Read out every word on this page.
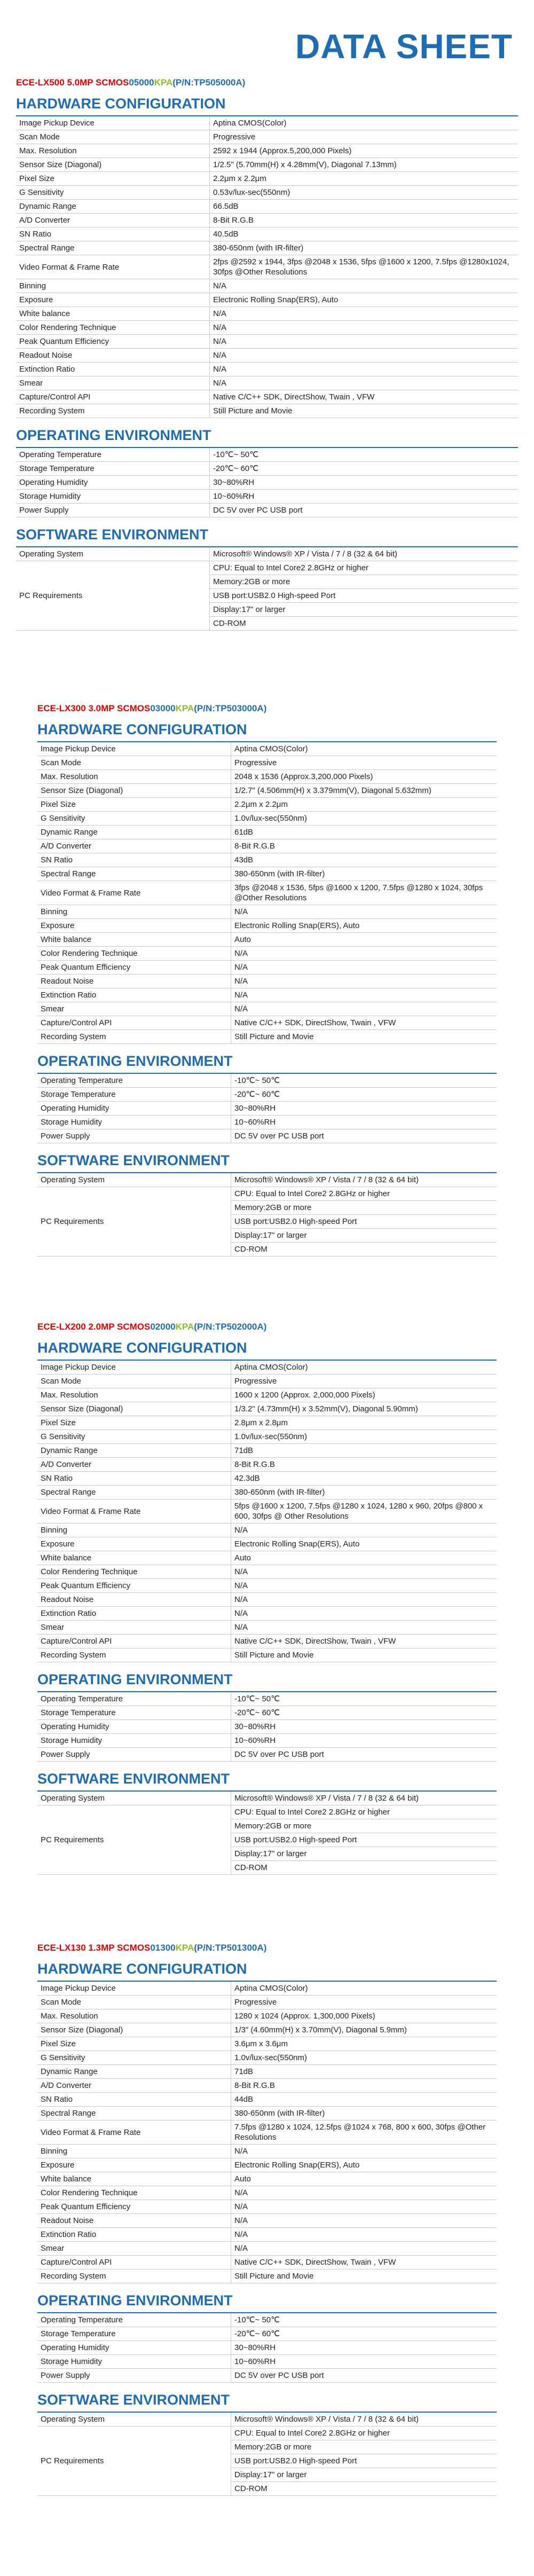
DATA SHEET
ECE-LX500 5.0MP SCMOS05000KPA(P/N:TP505000A)
HARDWARE CONFIGURATION
Image Pickup Device	Aptina CMOS(Color)
Scan Mode	Progressive
Max. Resolution	2592 x 1944 (Approx.5,200,000 Pixels)
Sensor Size (Diagonal)	1/2.5" (5.70mm(H) x 4.28mm(V), Diagonal 7.13mm)
Pixel Size	2.2μm x 2.2μm
G Sensitivity	0.53v/lux-sec(550nm)
Dynamic Range	66.5dB
A/D Converter	8-Bit R.G.B
SN Ratio	40.5dB
Spectral Range	380-650nm (with IR-filter)
Video Format & Frame Rate	2fps @2592 x 1944, 3fps @2048 x 1536, 5fps @1600 x 1200, 7.5fps @1280x1024, 30fps @Other Resolutions
Binning	N/A
Exposure	Electronic Rolling Snap(ERS), Auto
White balance	N/A
Color Rendering Technique	N/A
Peak Quantum Efficiency	N/A
Readout Noise	N/A
Extinction Ratio	N/A
Smear	N/A
Capture/Control API	Native C/C++ SDK, DirectShow, Twain , VFW
Recording System	Still Picture and Movie
OPERATING ENVIRONMENT
Operating Temperature	-10℃~ 50℃
Storage Temperature	-20℃~ 60℃
Operating Humidity	30~80%RH
Storage Humidity	10~60%RH
Power Supply	DC 5V over PC USB port
SOFTWARE ENVIRONMENT
Operating System	Microsoft® Windows® XP / Vista / 7 / 8 (32 & 64 bit)
PC Requirements	CPU: Equal to Intel Core2 2.8GHz or higher
	Memory:2GB or more
	USB port:USB2.0 High-speed Port
	Display:17" or larger
	CD-ROM
ECE-LX300 3.0MP SCMOS03000KPA(P/N:TP503000A)
HARDWARE CONFIGURATION
Image Pickup Device	Aptina CMOS(Color)
Scan Mode	Progressive
Max. Resolution	2048 x 1536 (Approx.3,200,000 Pixels)
Sensor Size (Diagonal)	1/2.7" (4.506mm(H) x 3.379mm(V), Diagonal 5.632mm)
Pixel Size	2.2μm x 2.2μm
G Sensitivity	1.0v/lux-sec(550nm)
Dynamic Range	61dB
A/D Converter	8-Bit R.G.B
SN Ratio	43dB
Spectral Range	380-650nm (with IR-filter)
Video Format & Frame Rate	3fps @2048 x 1536, 5fps @1600 x 1200, 7.5fps @1280 x 1024, 30fps @Other Resolutions
Binning	N/A
Exposure	Electronic Rolling Snap(ERS), Auto
White balance	Auto
Color Rendering Technique	N/A
Peak Quantum Efficiency	N/A
Readout Noise	N/A
Extinction Ratio	N/A
Smear	N/A
Capture/Control API	Native C/C++ SDK, DirectShow, Twain , VFW
Recording System	Still Picture and Movie
OPERATING ENVIRONMENT
Operating Temperature	-10℃~ 50℃
Storage Temperature	-20℃~ 60℃
Operating Humidity	30~80%RH
Storage Humidity	10~60%RH
Power Supply	DC 5V over PC USB port
SOFTWARE ENVIRONMENT
Operating System	Microsoft® Windows® XP / Vista / 7 / 8 (32 & 64 bit)
PC Requirements	CPU: Equal to Intel Core2 2.8GHz or higher
	Memory:2GB or more
	USB port:USB2.0 High-speed Port
	Display:17" or larger
	CD-ROM
ECE-LX200 2.0MP SCMOS02000KPA(P/N:TP502000A)
HARDWARE CONFIGURATION
Image Pickup Device	Aptina CMOS(Color)
Scan Mode	Progressive
Max. Resolution	1600 x 1200 (Approx. 2,000,000 Pixels)
Sensor Size (Diagonal)	1/3.2" (4.73mm(H) x 3.52mm(V), Diagonal 5.90mm)
Pixel Size	2.8μm x 2.8μm
G Sensitivity	1.0v/lux-sec(550nm)
Dynamic Range	71dB
A/D Converter	8-Bit R.G.B
SN Ratio	42.3dB
Spectral Range	380-650nm (with IR-filter)
Video Format & Frame Rate	5fps @1600 x 1200, 7.5fps @1280 x 1024, 1280 x 960, 20fps @800 x 600, 30fps @ Other Resolutions
Binning	N/A
Exposure	Electronic Rolling Snap(ERS), Auto
White balance	Auto
Color Rendering Technique	N/A
Peak Quantum Efficiency	N/A
Readout Noise	N/A
Extinction Ratio	N/A
Smear	N/A
Capture/Control API	Native C/C++ SDK, DirectShow, Twain , VFW
Recording System	Still Picture and Movie
OPERATING ENVIRONMENT
Operating Temperature	-10℃~ 50℃
Storage Temperature	-20℃~ 60℃
Operating Humidity	30~80%RH
Storage Humidity	10~60%RH
Power Supply	DC 5V over PC USB port
SOFTWARE ENVIRONMENT
Operating System	Microsoft® Windows® XP / Vista / 7 / 8 (32 & 64 bit)
PC Requirements	CPU: Equal to Intel Core2 2.8GHz or higher
	Memory:2GB or more
	USB port:USB2.0 High-speed Port
	Display:17" or larger
	CD-ROM
ECE-LX130 1.3MP SCMOS01300KPA(P/N:TP501300A)
HARDWARE CONFIGURATION
Image Pickup Device	Aptina CMOS(Color)
Scan Mode	Progressive
Max. Resolution	1280 x 1024 (Approx. 1,300,000 Pixels)
Sensor Size (Diagonal)	1/3" (4.60mm(H) x 3.70mm(V), Diagonal 5.9mm)
Pixel Size	3.6μm x 3.6μm
G Sensitivity	1.0v/lux-sec(550nm)
Dynamic Range	71dB
A/D Converter	8-Bit R.G.B
SN Ratio	44dB
Spectral Range	380-650nm (with IR-filter)
Video Format & Frame Rate	7.5fps @1280 x 1024, 12.5fps @1024 x 768, 800 x 600, 30fps @Other Resolutions
Binning	N/A
Exposure	Electronic Rolling Snap(ERS), Auto
White balance	Auto
Color Rendering Technique	N/A
Peak Quantum Efficiency	N/A
Readout Noise	N/A
Extinction Ratio	N/A
Smear	N/A
Capture/Control API	Native C/C++ SDK, DirectShow, Twain , VFW
Recording System	Still Picture and Movie
OPERATING ENVIRONMENT
Operating Temperature	-10℃~ 50℃
Storage Temperature	-20℃~ 60℃
Operating Humidity	30~80%RH
Storage Humidity	10~60%RH
Power Supply	DC 5V over PC USB port
SOFTWARE ENVIRONMENT
Operating System	Microsoft® Windows® XP / Vista / 7 / 8 (32 & 64 bit)
PC Requirements	CPU: Equal to Intel Core2 2.8GHz or higher
	Memory:2GB or more
	USB port:USB2.0 High-speed Port
	Display:17" or larger
	CD-ROM
